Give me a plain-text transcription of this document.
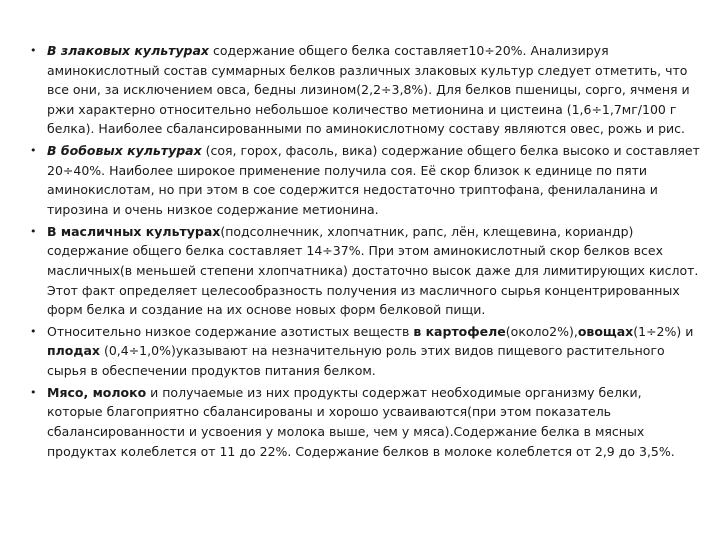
• В злаковых культурах содержание общего белка составляет10÷20%. Анализируя аминокислотный состав суммарных белков различных злаковых культур следует отметить, что все они, за исключением овса, бедны лизином(2,2÷3,8%). Для белков пшеницы, сорго, ячменя и ржи характерно относительно небольшое количество метионина и цистеина (1,6÷1,7мг/100 г белка). Наиболее сбалансированными по аминокислотному составу являются овес, рожь и рис.
• В бобовых культурах (соя, горох, фасоль, вика) содержание общего белка высоко и составляет 20÷40%. Наиболее широкое применение получила соя. Её скор близок к единице по пяти аминокислотам, но при этом в сое содержится недостаточно триптофана, фенилаланина и тирозина и очень низкое содержание метионина.
• В масличных культурах(подсолнечник, хлопчатник, рапс, лён, клещевина, кориандр) содержание общего белка составляет 14÷37%. При этом аминокислотный скор белков всех масличных(в меньшей степени хлопчатника) достаточно высок даже для лимитирующих кислот. Этот факт определяет целесообразность получения из масличного сырья концентрированных форм белка и создание на их основе новых форм белковой пищи.
• Относительно низкое содержание азотистых веществ в картофеле(около2%),овощах(1÷2%) и плодах (0,4÷1,0%)указывают на незначительную роль этих видов пищевого растительного сырья в обеспечении продуктов питания белком.
• Мясо, молоко и получаемые из них продукты содержат необходимые организму белки, которые благоприятно сбалансированы и хорошо усваиваются(при этом показатель сбалансированности и усвоения у молока выше, чем у мяса).Содержание белка в мясных продуктах колеблется от 11 до 22%. Содержание белков в молоке колеблется от 2,9 до 3,5%.
